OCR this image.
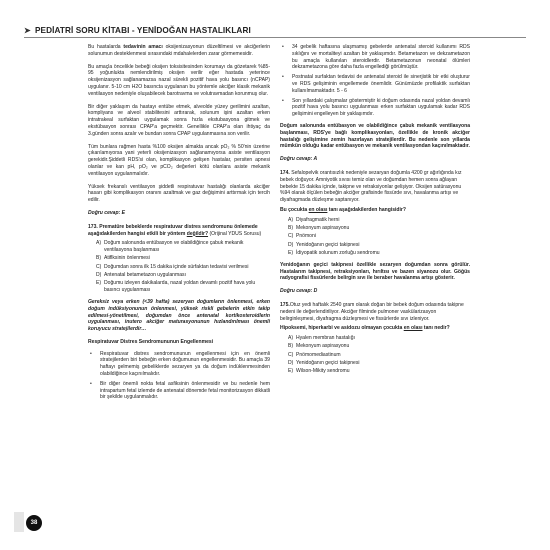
➤ PEDİATRİ SORU KİTABI - YENİDOĞAN HASTALIKLARI

Bu hastalarda tedavinin amacı oksijenizasyonun düzeltilmesi ve akciğerlerin solunumun desteklenmesi sırasındaki mdahalelerden zarar görmemesidir.

Bu amaçla öncelikle bebeği oksijen toksisitesinden korumayı da gözetarek %85-95 yoğunlukta nemlendirilmiş oksijen verilir eğer hastada yeterince oksijenizasyon sağlanamazsa nazal sürekli pozitif hava yolu basıncı (nCPAP) uygulanır. 5-10 cm H2O basıncta uygulanan bu yöntemle akciğer klasik mekanik ventilasyon nedeniyle oluşabilecek barotravma ve volutravmadan korunmuş olur.

Bir diğer yaklaşım da hastayı entübe etmek, alveolde yüzey gerilimini azaltan, kompliyans ve alveol stabilitesini arttırarak, solunum işini azaltan erken intratrakeal surfaktan uygulamak sonra hızla ekstubasyona gitmek ve ekstübasyon sonrası CPAP'a geçmektir. Genellikle CPAP'a olan ihtiyaç da 3.günden sonra azalır ve bundan sonra CPAP uygulanmasına son verilir.

Tüm bunlara rağmen hasta %100 oksijen almakta ancak pO₂ % 50'nin üzerine çıkarılamıyorsa yani yeterli oksijenizasyon sağlanamıyorsa asiste ventilasyon gerekidir.Şiddetli RDS'si olan, komplikasyon gelişen hastalar, persiten apnesi olanlar ve kan pH, pO₂ ve pCO₂ değerleri kötü olanlara asiste mekanik ventilasyon uygulanmalıdır.

Yüksek frekanslı ventilasyon şiddetli respiratuvar hastalığı olanlarda akciğer hasarı gibi komplikasyon oranını azaltmak ve gaz değişimini arttırmak için tercih edilir.

Doğru cevap: E

173. Prematüre bebeklerde respiratuvar distres sendromunu önlemede aşağıdakilerden hangisi etkili bir yöntem değildir? (Orijinal YDUS Sorusu)

A) Doğum salonunda entübasyon ve olabildiğince çabuk mekanik ventilasyona başlanması
B) Atiflksinin önlenmesi
C) Doğumdan sonra ilk 15 dakika içinde sürfaktan tedavisi verilmesi
D) Antenatal betametazon uygulanması
E) Doğumu izleyen dakikalarda, nazal yoldan devamlı pozitif hava yolu basıncı uygulanması

Gereksiz veya erken (<39 hafta) sezeryan doğumların önlenmesi, erken doğum indüksiyonunun önlenmesi, yüksek riskli gebelerin etkin takip edilmesi-yönetilmesi, doğumdan önce antenatal kortikosteroidlerin uygulanması, inutero akciğer maturasyonunun hızlandırılması önemli koruyucu stratejilerdir…

Respiratuvar Distres Sendromununun Engellenmesi

•	Respiratuvar distres sendromununun engellenmesi için en önemli stratejilerden biri bebeğin erken doğumunun engellenmesidir. Bu amaçla 39 haftayı gelmemiş gebeliklerde sezaryen ya da doğum indüklenmesinden olabildiğince kaçınılmalıdır.
•	Bir diğer önemli nokta fetal asfiksinin önlenmesidir ve bu nedenle hem intrapartum fetal izlemde de antenatal dönemde fetal monitorizasyon dikkatli bir şekilde uygulanmalıdır.
•	34 gebelik haftasına ulaşmamış gebelerde antenatal steroid kullanımı RDS sıklığını ve mortaliteyi azaltan bir yaklaşımdır. Betametazon ve dekzametazon bu amaçla kullanılan steroidlerdir. Betametazonun neonatal ölümleri dekzametazona göre daha fazla engellediği görülmüştür.
•	Postnatal surfaktan tedavisi de antenatal steroid ile sinerjistik bir etki oluşturur ve RDS gelişiminin engellemede önemlidir. Günümüzde profilaktik surfaktan kullanılmamaktadır. 5 - 6
•	Son yıllardaki çalışmalar göstermiştir ki doğum odasında nazal yoldan devamlı pozitif hava yolu basıncı uygulanması erken surfaktan uygulamak kadar RDS gelişimini engelleyen bir yaklaşımdır.

Doğum salonunda entübasyon ve olabildiğince çabuk mekanik ventilasyona başlanması, RDS'ye bağlı komplikasyonları, özellikle de kronik akciğer hastalığı gelişimine zemin hazırlayan stratejilerdir. Bu nedenle son yıllarda mümkün olduğu kadar entübasyon ve mekanik ventilasyondan kaçınılmaktadır.

Doğru cevap: A

174. Sefalopelvik orantısızlık nedeniyle sezaryan doğumla 4200 gr ağırlığında kız bebek doğuyor. Amniyotik sıvısı temiz olan ve doğumdan hemen sonra ağlayan bebekte 15 dakika içinde, takipne ve retraksiyonlar gelişiyor. Oksijen satürasyonu %94 olarak ölçülen bebeğin akciğer grafisinde fissürde sıvı, havalanma artışı ve diyafragmada düzleşme saptanıyor.

Bu çocukta en olası tanı aşağıdakilerden hangisidir?

A) Diyafragmatik herni
B) Mekonyum aspirasyonu
C) Pnömoni
D) Yenidoğanın geçici takipnesi
E) İdiyopatik solunum zorluğu sendromu

Yenidoğanın geçici takipnesi özellikle sezaryen doğumdan sonra görülür. Hastalarım takipnesi, retraksiyonları, hırıltısı ve bazen siyanozu olur. Göğüs radyografisi fissürlerde belirgin sıvı ile beraber havalanma artışı gösterir.

Doğru cevap: D

175.Otuz yedi haftalık 2540 gram olarak doğan bir bebek doğum odasında takipne nedeni ile değerlendiriliyor. Akciğer filminde pulmoner vaskülarizasyon belirginleşmesi, diyafragma düzleşmesi ve fissürlerde sıvı izleniyor.

Hipoksemi, hiperkarbi ve asidozu olmayan çocukta en olası tanı nedir?

A) Hyalen membran hastalığı
B) Mekonyum aspirasyonu
C) Pnömomediastinum
D) Yenidoğanın geçici takipnesi
E) Wilson-Mikity sendromu
38
